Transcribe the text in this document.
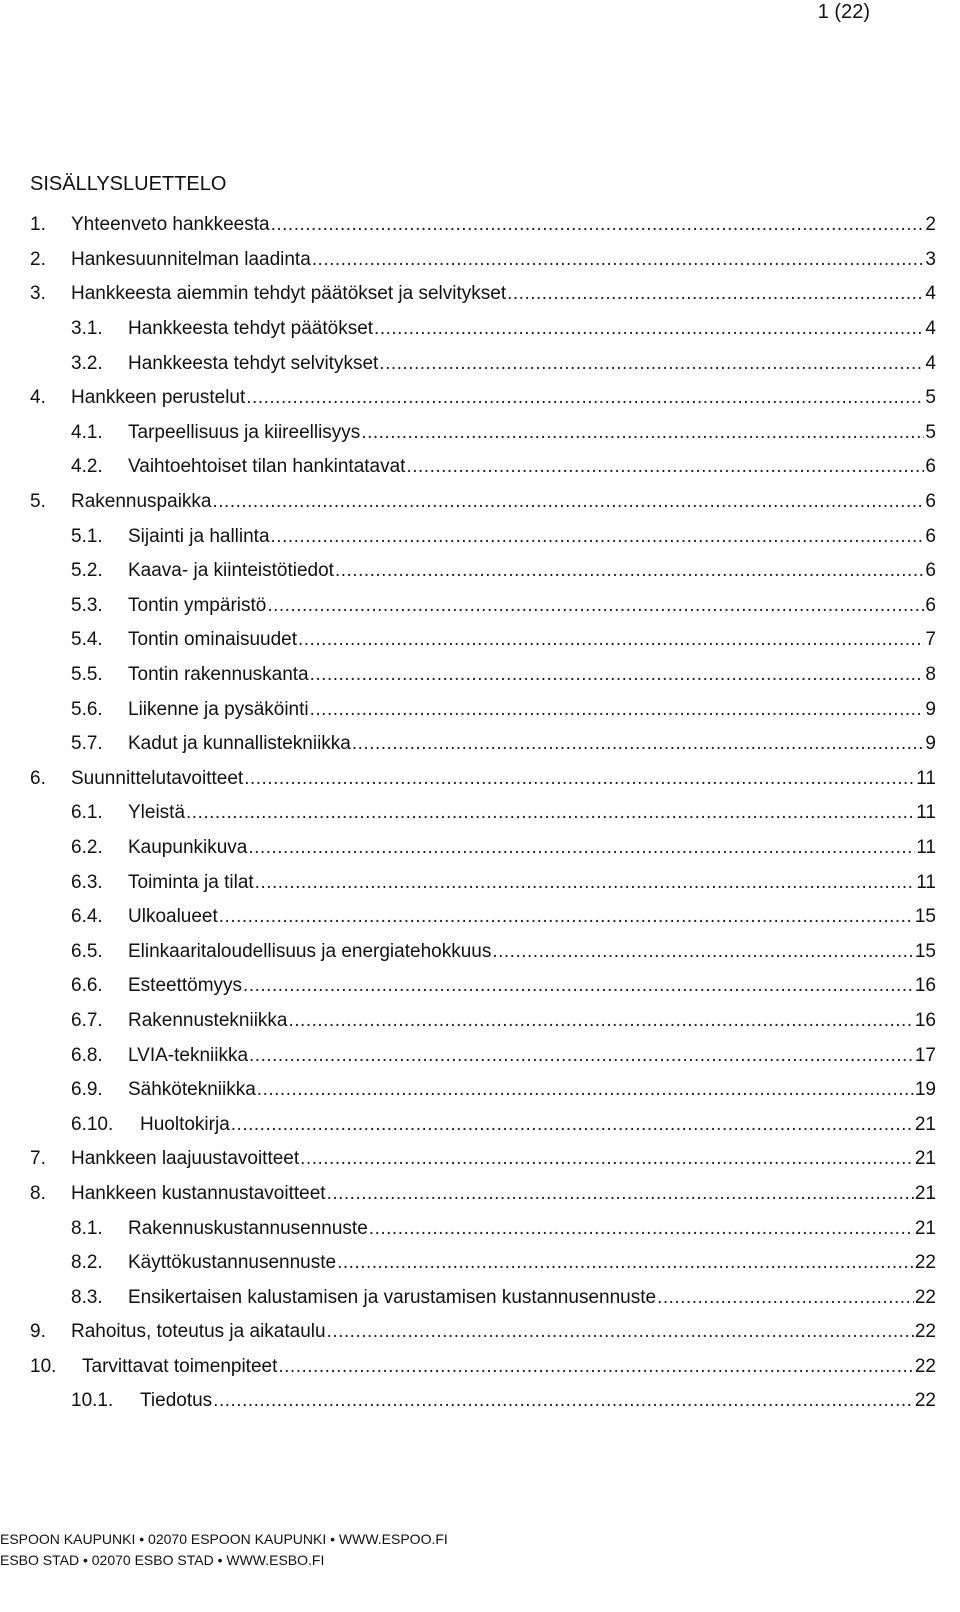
1 (22)
SISÄLLYSLUETTELO
1. Yhteenveto hankkeesta .....	2
2. Hankesuunnitelman laadinta .....	3
3. Hankkeesta aiemmin tehdyt päätökset ja selvitykset .....	4
3.1. Hankkeesta tehdyt päätökset .....	4
3.2. Hankkeesta tehdyt selvitykset .....	4
4. Hankkeen perustelut .....	5
4.1. Tarpeellisuus ja kiireellisyys .....	5
4.2. Vaihtoehtoiset tilan hankintatavat .....	6
5. Rakennuspaikka .....	6
5.1. Sijainti ja hallinta .....	6
5.2. Kaava- ja kiinteistötiedot .....	6
5.3. Tontin ympäristö .....	6
5.4. Tontin ominaisuudet .....	7
5.5. Tontin rakennuskanta .....	8
5.6. Liikenne ja pysäköinti .....	9
5.7. Kadut ja kunnallistekniikka .....	9
6. Suunnittelutavoitteet .....	11
6.1. Yleistä .....	11
6.2. Kaupunkikuva .....	11
6.3. Toiminta ja tilat .....	11
6.4. Ulkoalueet .....	15
6.5. Elinkaaritaloudellisuus ja energiatehokkuus .....	15
6.6. Esteettömyys .....	16
6.7. Rakennustekniikka .....	16
6.8. LVIA-tekniikka .....	17
6.9. Sähkötekniikka .....	19
6.10. Huoltokirja .....	21
7. Hankkeen laajuustavoitteet .....	21
8. Hankkeen kustannustavoitteet .....	21
8.1. Rakennuskustannusennuste .....	21
8.2. Käyttökustannusennuste .....	22
8.3. Ensikertaisen kalustamisen ja varustamisen kustannusennuste .....	22
9. Rahoitus, toteutus ja aikataulu .....	22
10. Tarvittavat toimenpiteet .....	22
10.1. Tiedotus .....	22
ESPOON KAUPUNKI • 02070 ESPOON KAUPUNKI • WWW.ESPOO.FI
ESBO STAD • 02070 ESBO STAD • WWW.ESBO.FI
